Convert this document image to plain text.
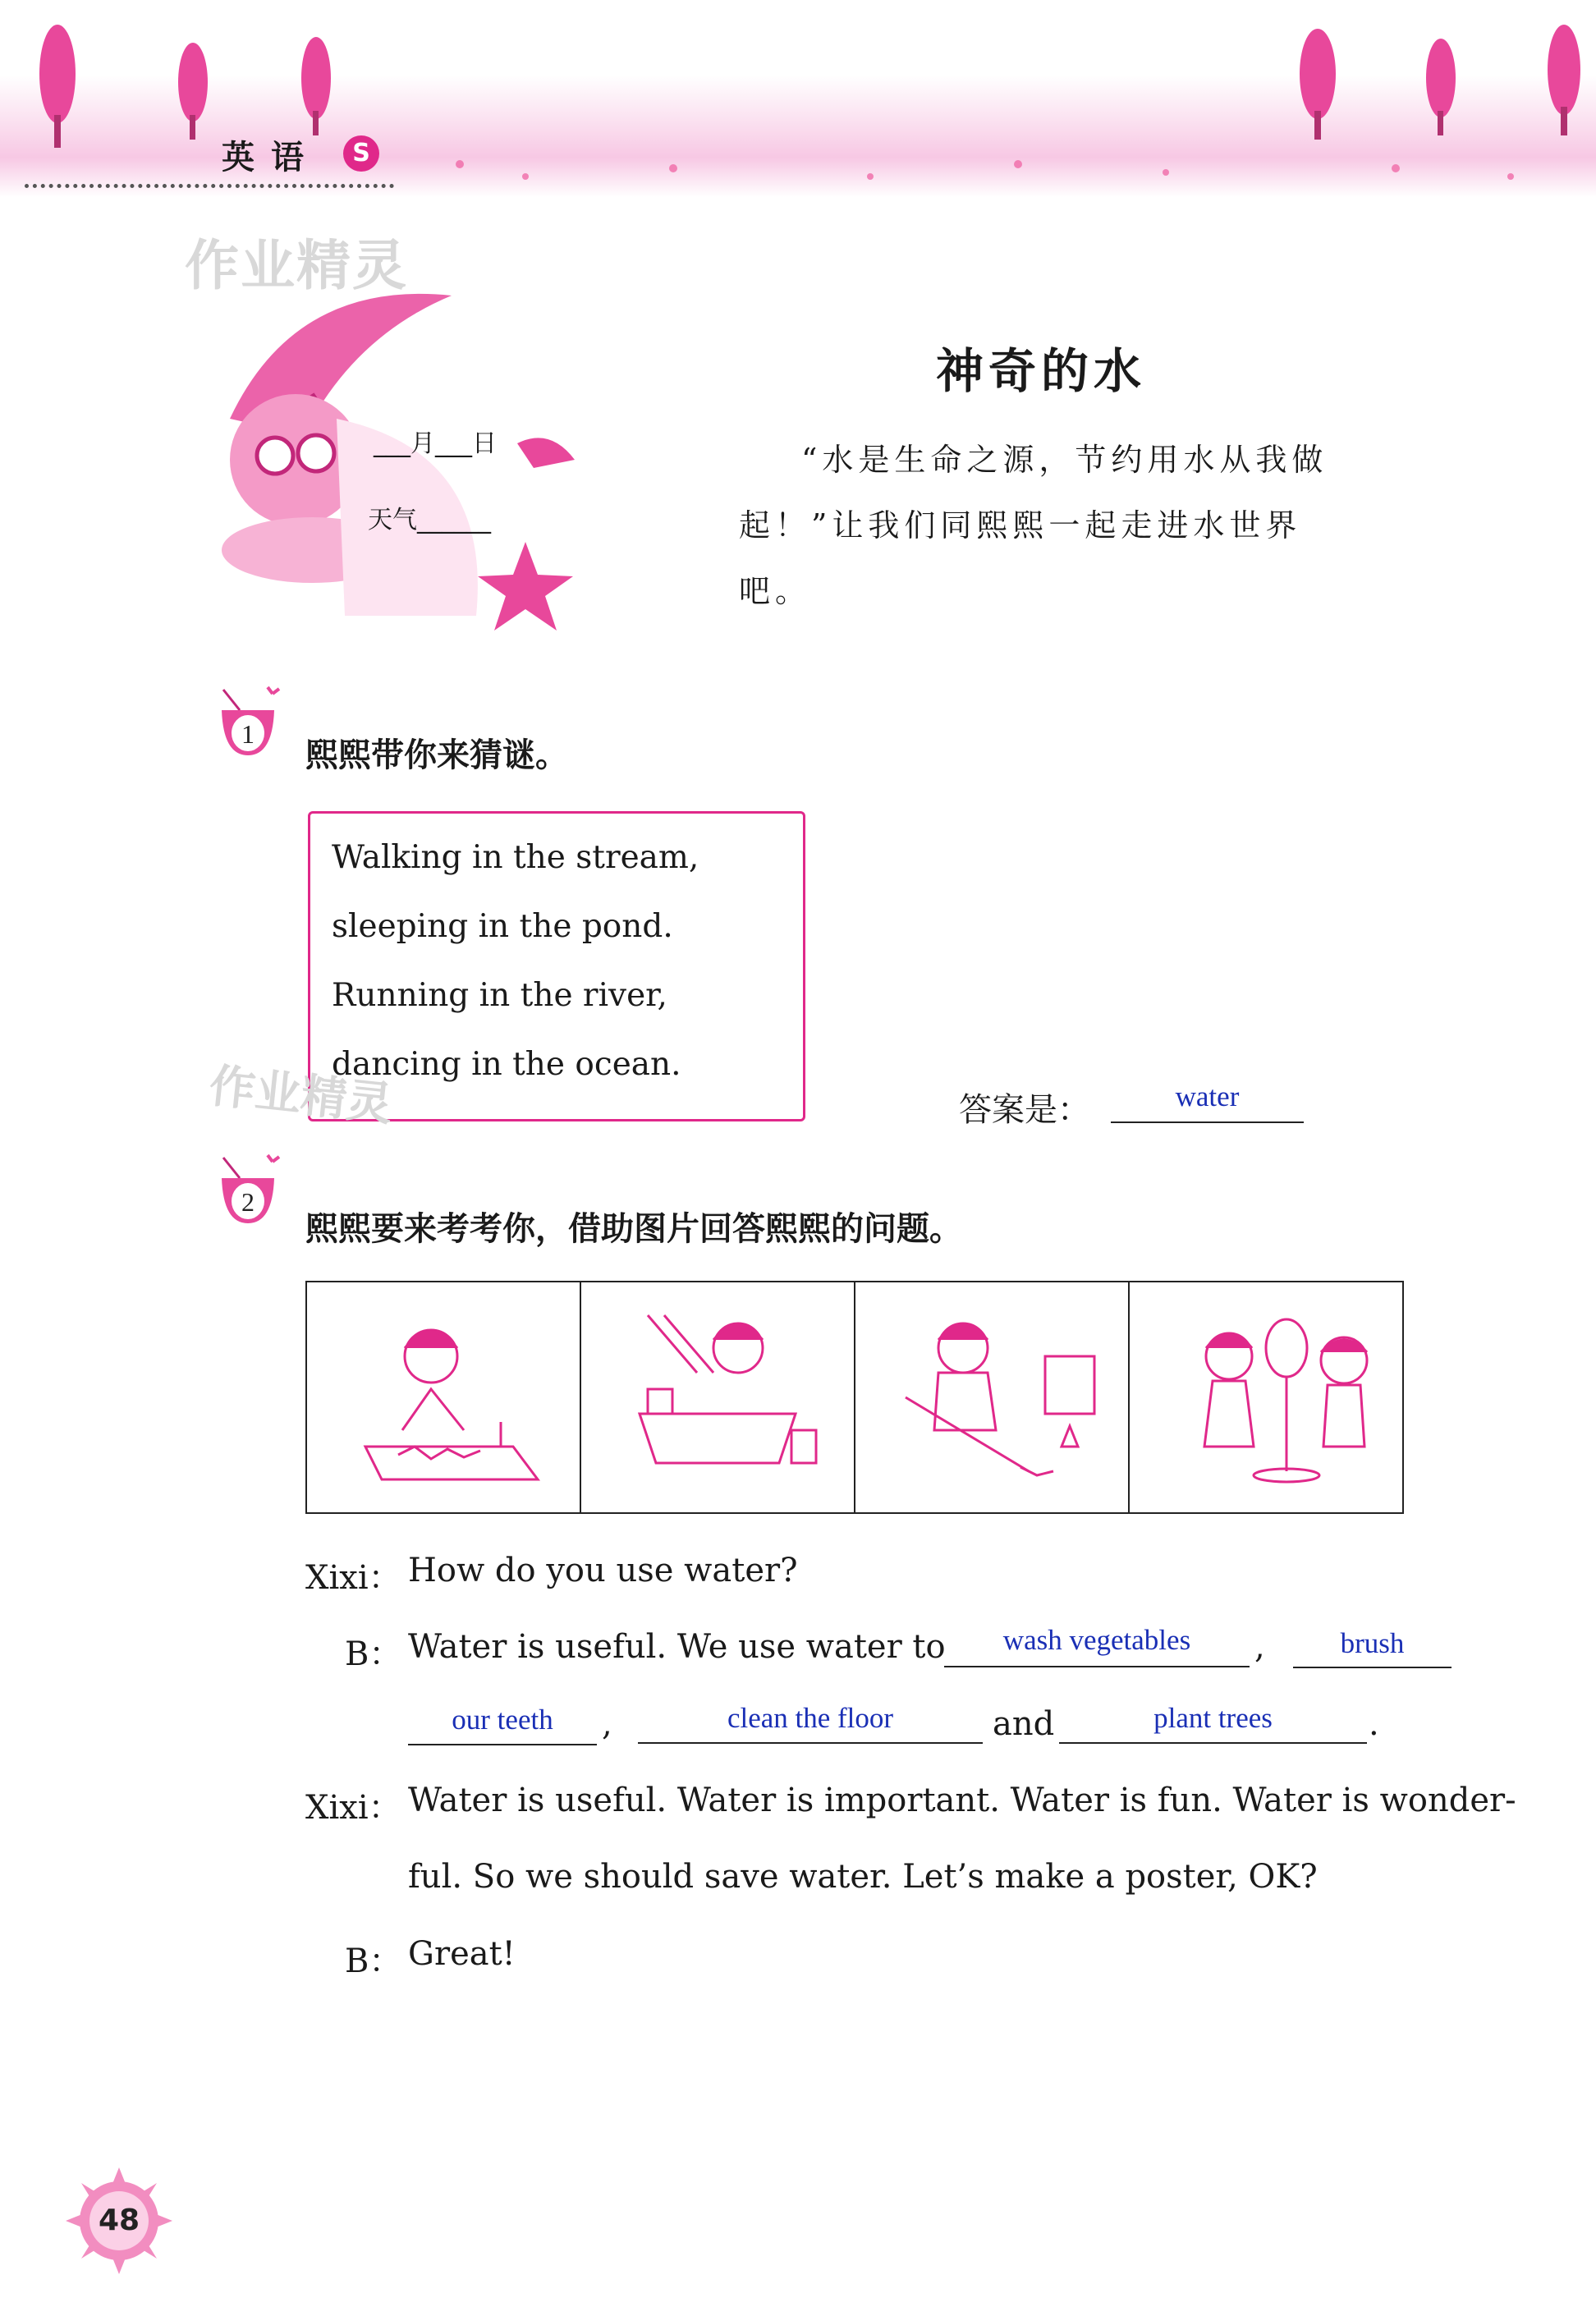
英语	S
作业精灵
___月___日
天气______
神奇的水
“水是生命之源，节约用水从我做起！”让我们同熙熙一起走进水世界吧。
1
熙熙带你来猜谜。
Walking in the stream,
sleeping in the pond.
Running in the river,
dancing in the ocean.
作业精灵	答案是：	water
2
熙熙要来考考你，借助图片回答熙熙的问题。
Xixi： How do you use water?
B： Water is useful. We use water to	wash vegetables	,	brush
our teeth	,	clean the floor	and	plant trees	.
Xixi： Water is useful. Water is important. Water is fun. Water is wonder-
ful. So we should save water. Let’s make a poster, OK?
B： Great!
48
